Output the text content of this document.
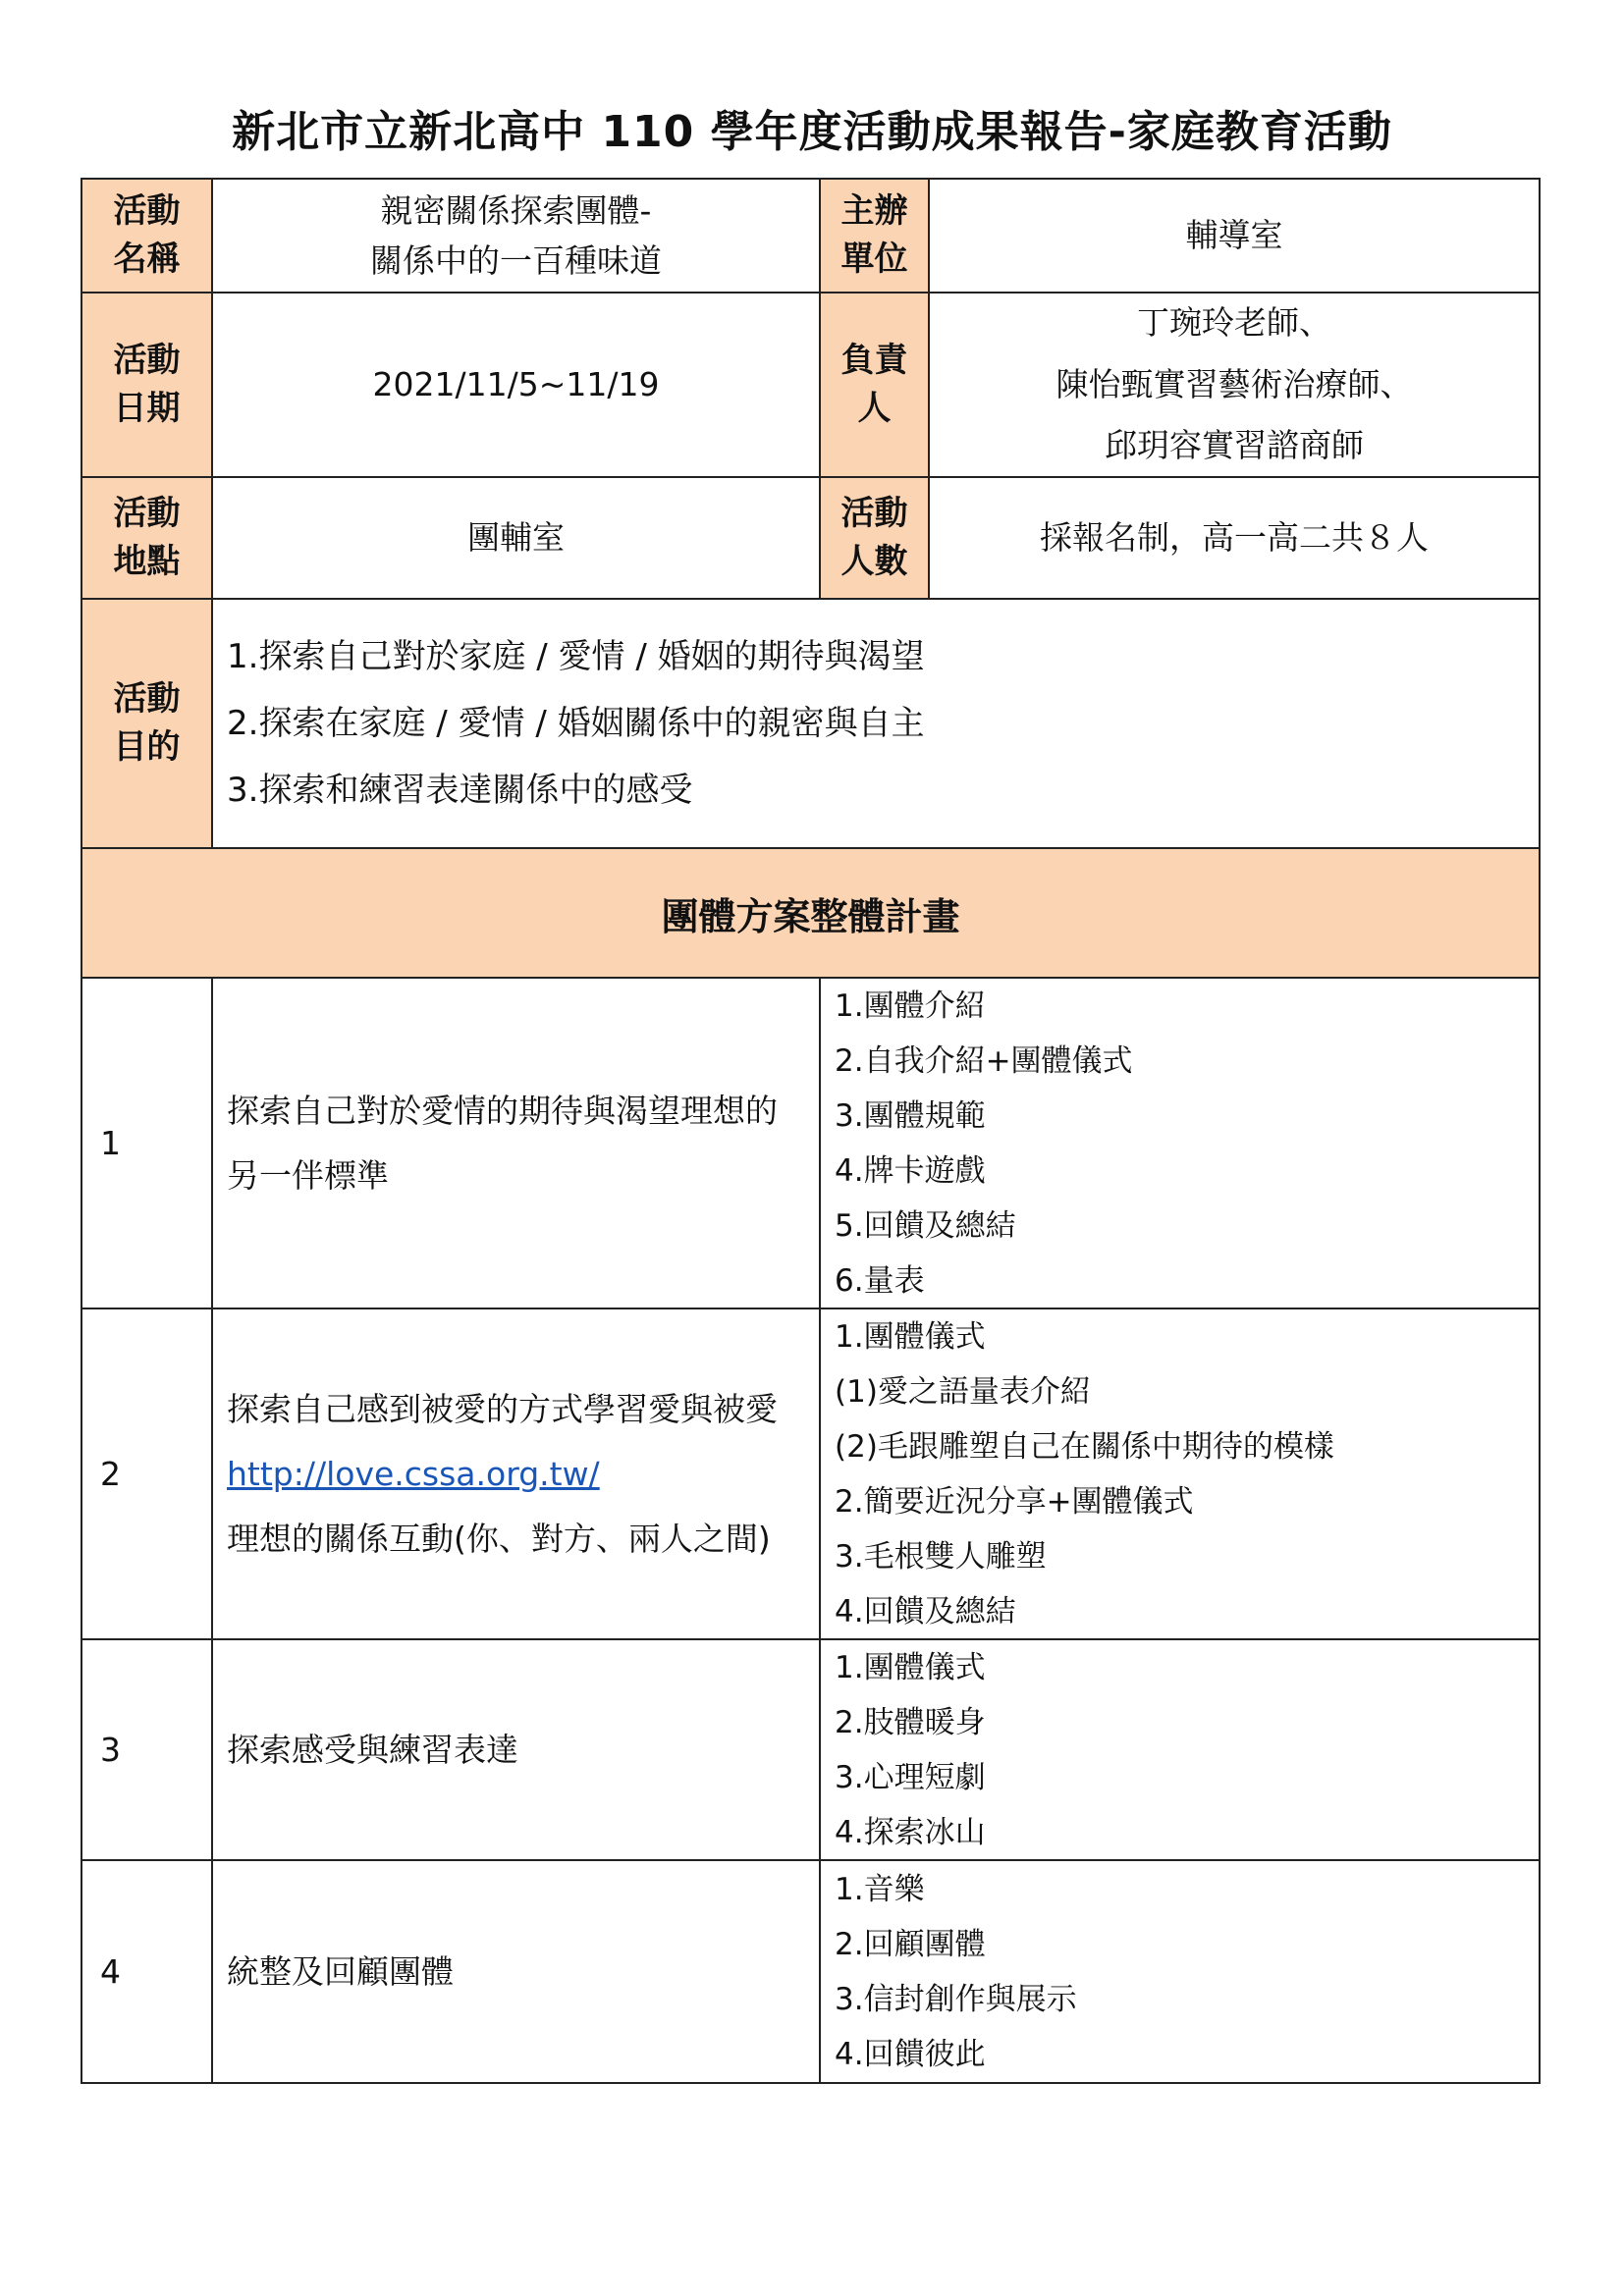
新北市立新北高中 110 學年度活動成果報告-家庭教育活動
活動
名稱
親密關係探索團體-
關係中的一百種味道
主辦
單位
輔導室
活動
日期
2021/11/5~11/19
負責
人
丁琬玲老師、
陳怡甄實習藝術治療師、
邱玥容實習諮商師
活動
地點
團輔室
活動
人數
採報名制，高一高二共８人
活動
目的
1.探索自己對於家庭 / 愛情 / 婚姻的期待與渴望
2.探索在家庭 / 愛情 / 婚姻關係中的親密與自主
3.探索和練習表達關係中的感受
團體方案整體計畫
1
探索自己對於愛情的期待與渴望理想的另一伴標準
1.團體介紹
2.自我介紹+團體儀式
3.團體規範
4.牌卡遊戲
5.回饋及總結
6.量表
2
探索自己感到被愛的方式學習愛與被愛
http://love.cssa.org.tw/
理想的關係互動(你、對方、兩人之間)
1.團體儀式
(1)愛之語量表介紹
(2)毛跟雕塑自己在關係中期待的模樣
2.簡要近況分享+團體儀式
3.毛根雙人雕塑
4.回饋及總結
3	探索感受與練習表達
1.團體儀式
2.肢體暖身
3.心理短劇
4.探索冰山
4	統整及回顧團體
1.音樂
2.回顧團體
3.信封創作與展示
4.回饋彼此
